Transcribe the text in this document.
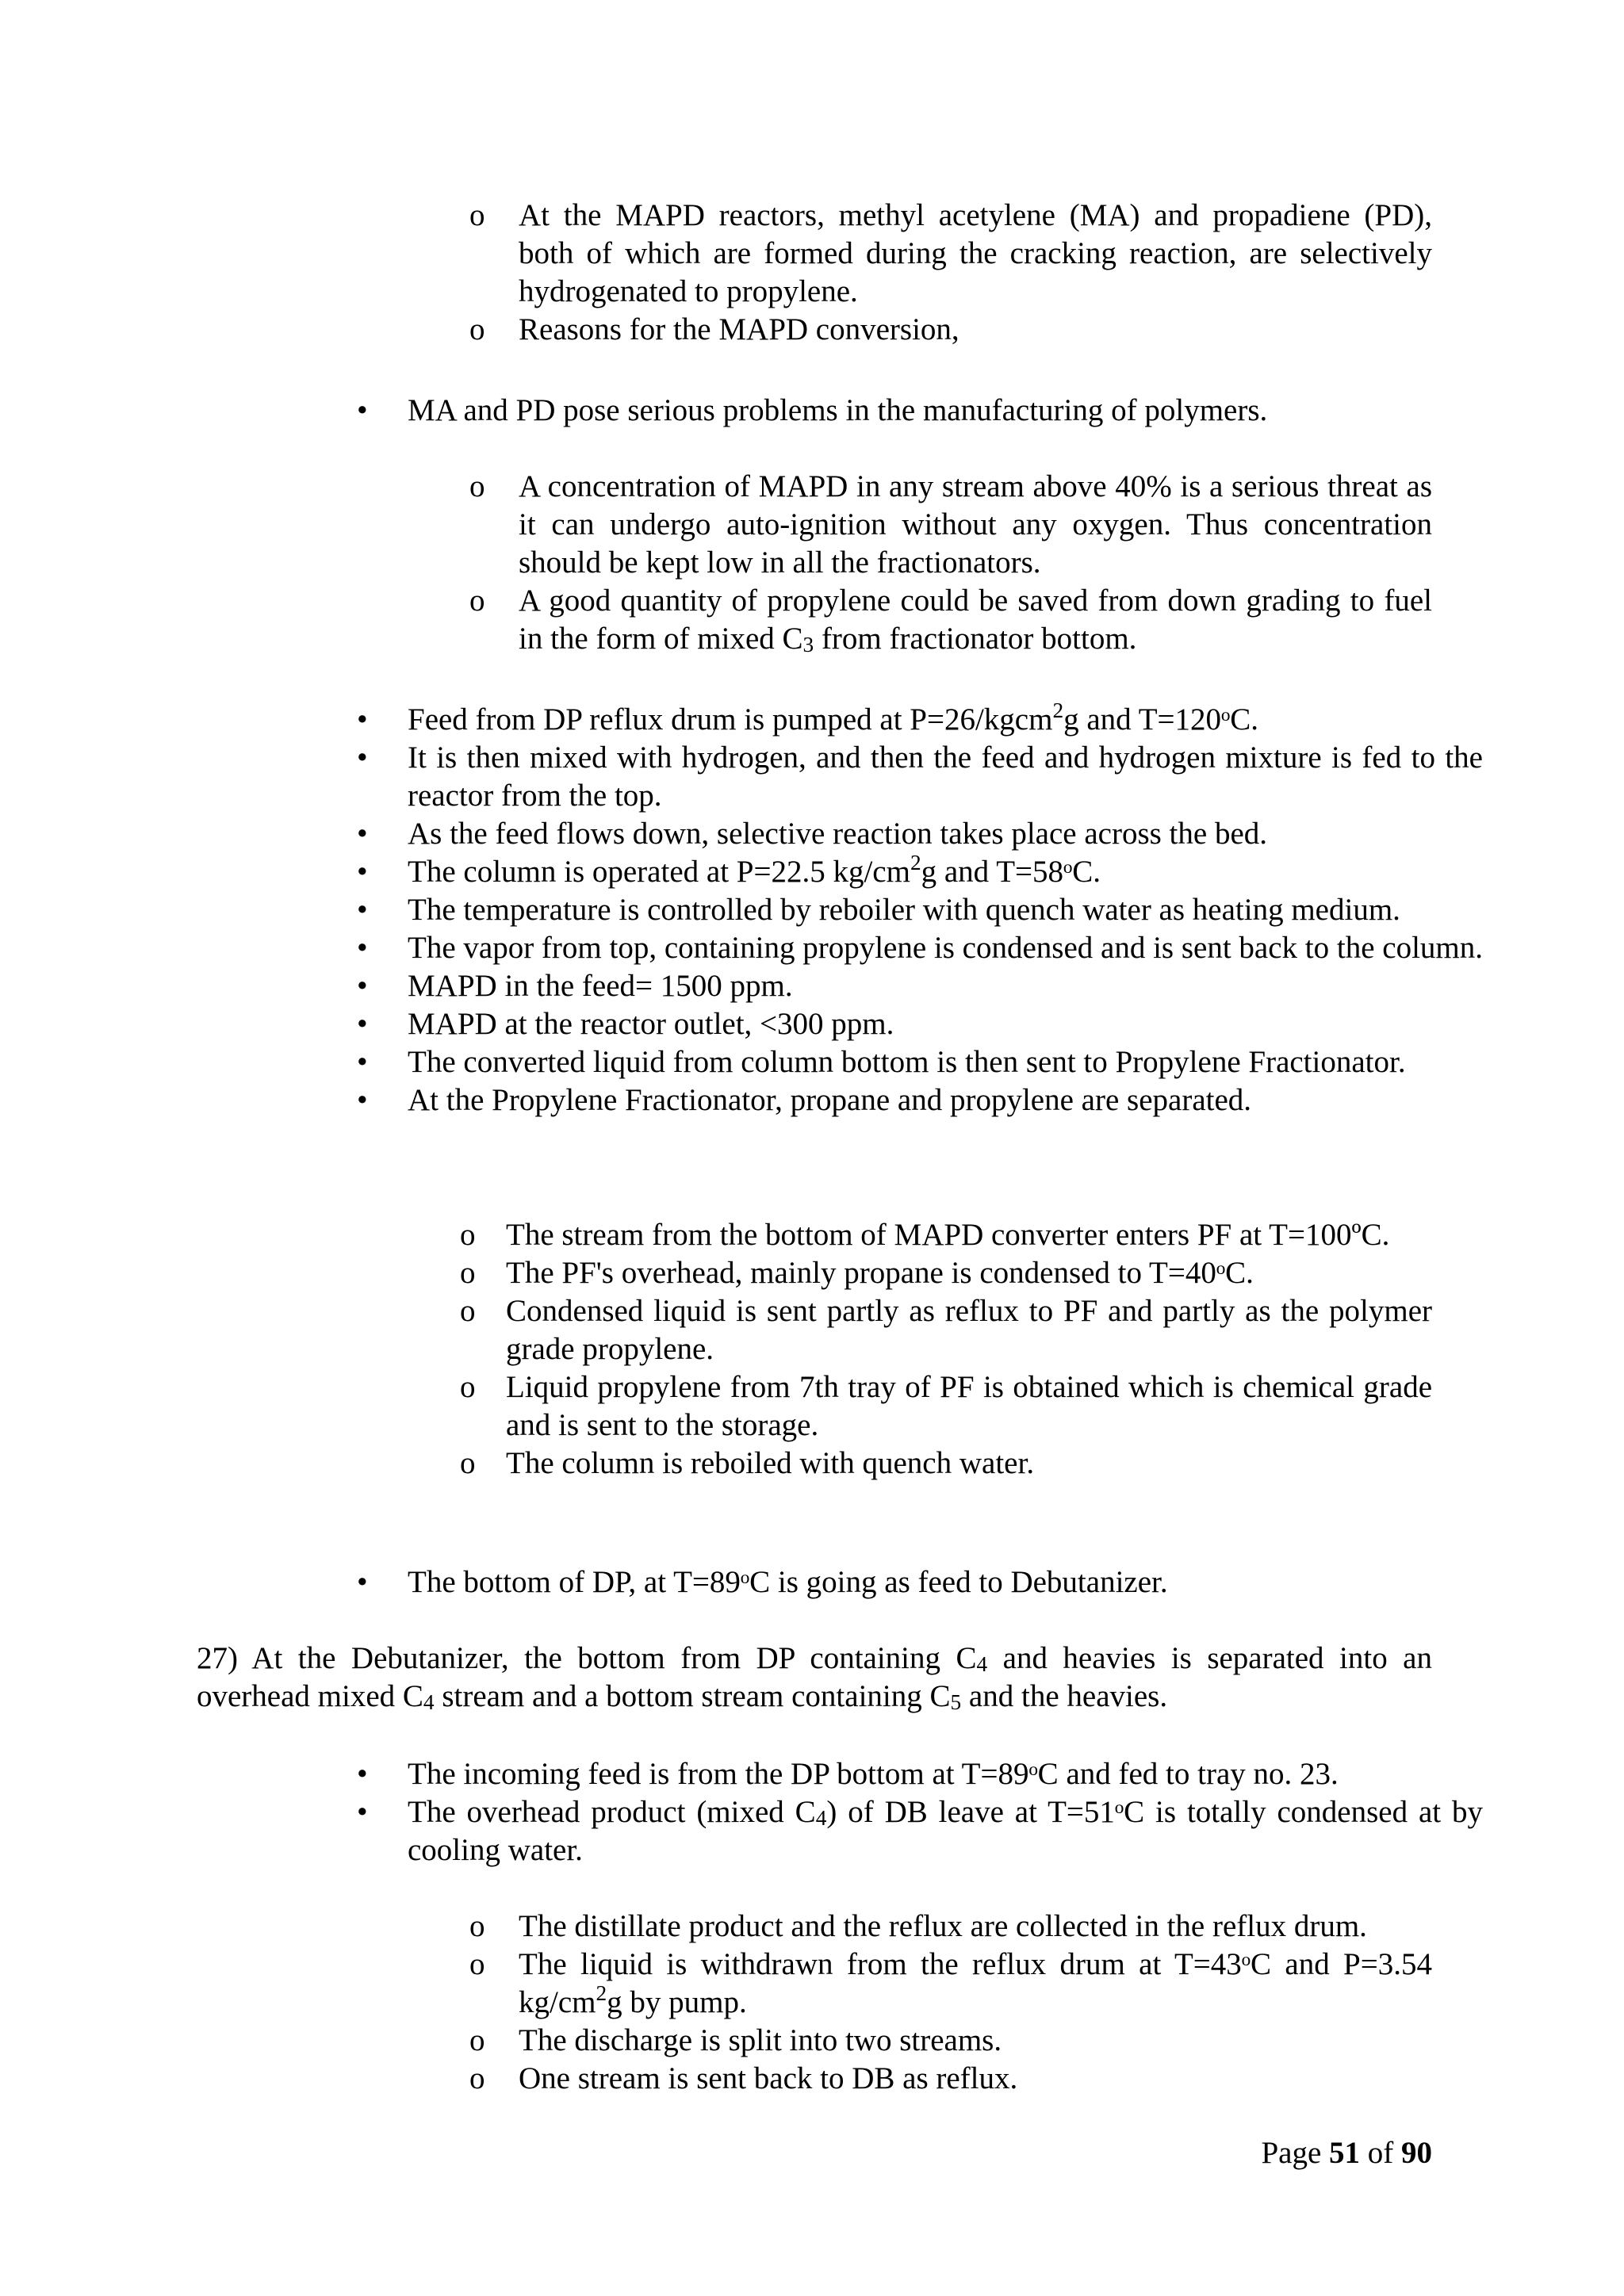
o At the MAPD reactors, methyl acetylene (MA) and propadiene (PD), both of which are formed during the cracking reaction, are selectively hydrogenated to propylene.
o Reasons for the MAPD conversion,
• MA and PD pose serious problems in the manufacturing of polymers.
o A concentration of MAPD in any stream above 40% is a serious threat as it can undergo auto-ignition without any oxygen. Thus concentration should be kept low in all the fractionators.
o A good quantity of propylene could be saved from down grading to fuel in the form of mixed $C_3$ from fractionator bottom.
• Feed from DP reflux drum is pumped at P=26/kgcm$^2$g and T=120ᵒC.
• It is then mixed with hydrogen, and then the feed and hydrogen mixture is fed to the reactor from the top.
• As the feed flows down, selective reaction takes place across the bed.
• The column is operated at P=22.5 $kg/cm^2g$ and T=58ᵒC.
• The temperature is controlled by reboiler with quench water as heating medium.
• The vapor from top, containing propylene is condensed and is sent back to the column.
• MAPD in the feed= 1500 ppm.
• MAPD at the reactor outlet, <300 ppm.
• The converted liquid from column bottom is then sent to Propylene Fractionator.
• At the Propylene Fractionator, propane and propylene are separated.
o The stream from the bottom of MAPD converter enters PF at T=100ºC.
o The PF's overhead, mainly propane is condensed to T=40ᵒC.
o Condensed liquid is sent partly as reflux to PF and partly as the polymer grade propylene.
o Liquid propylene from 7th tray of PF is obtained which is chemical grade and is sent to the storage.
o The column is reboiled with quench water.
• The bottom of DP, at T=89ᵒC is going as feed to Debutanizer.
27) At the Debutanizer, the bottom from DP containing $C_4$ and heavies is separated into an overhead mixed $C_4$ stream and a bottom stream containing $C_5$ and the heavies.
• The incoming feed is from the DP bottom at T=89ᵒC and fed to tray no. 23.
• The overhead product (mixed $C_4$) of DB leave at T=51ᵒC is totally condensed at by cooling water.
o The distillate product and the reflux are collected in the reflux drum.
o The liquid is withdrawn from the reflux drum at T=43ᵒC and P=3.54 $kg/cm^2g$ by pump.
o The discharge is split into two streams.
o One stream is sent back to DB as reflux.
Page 51 of 90
